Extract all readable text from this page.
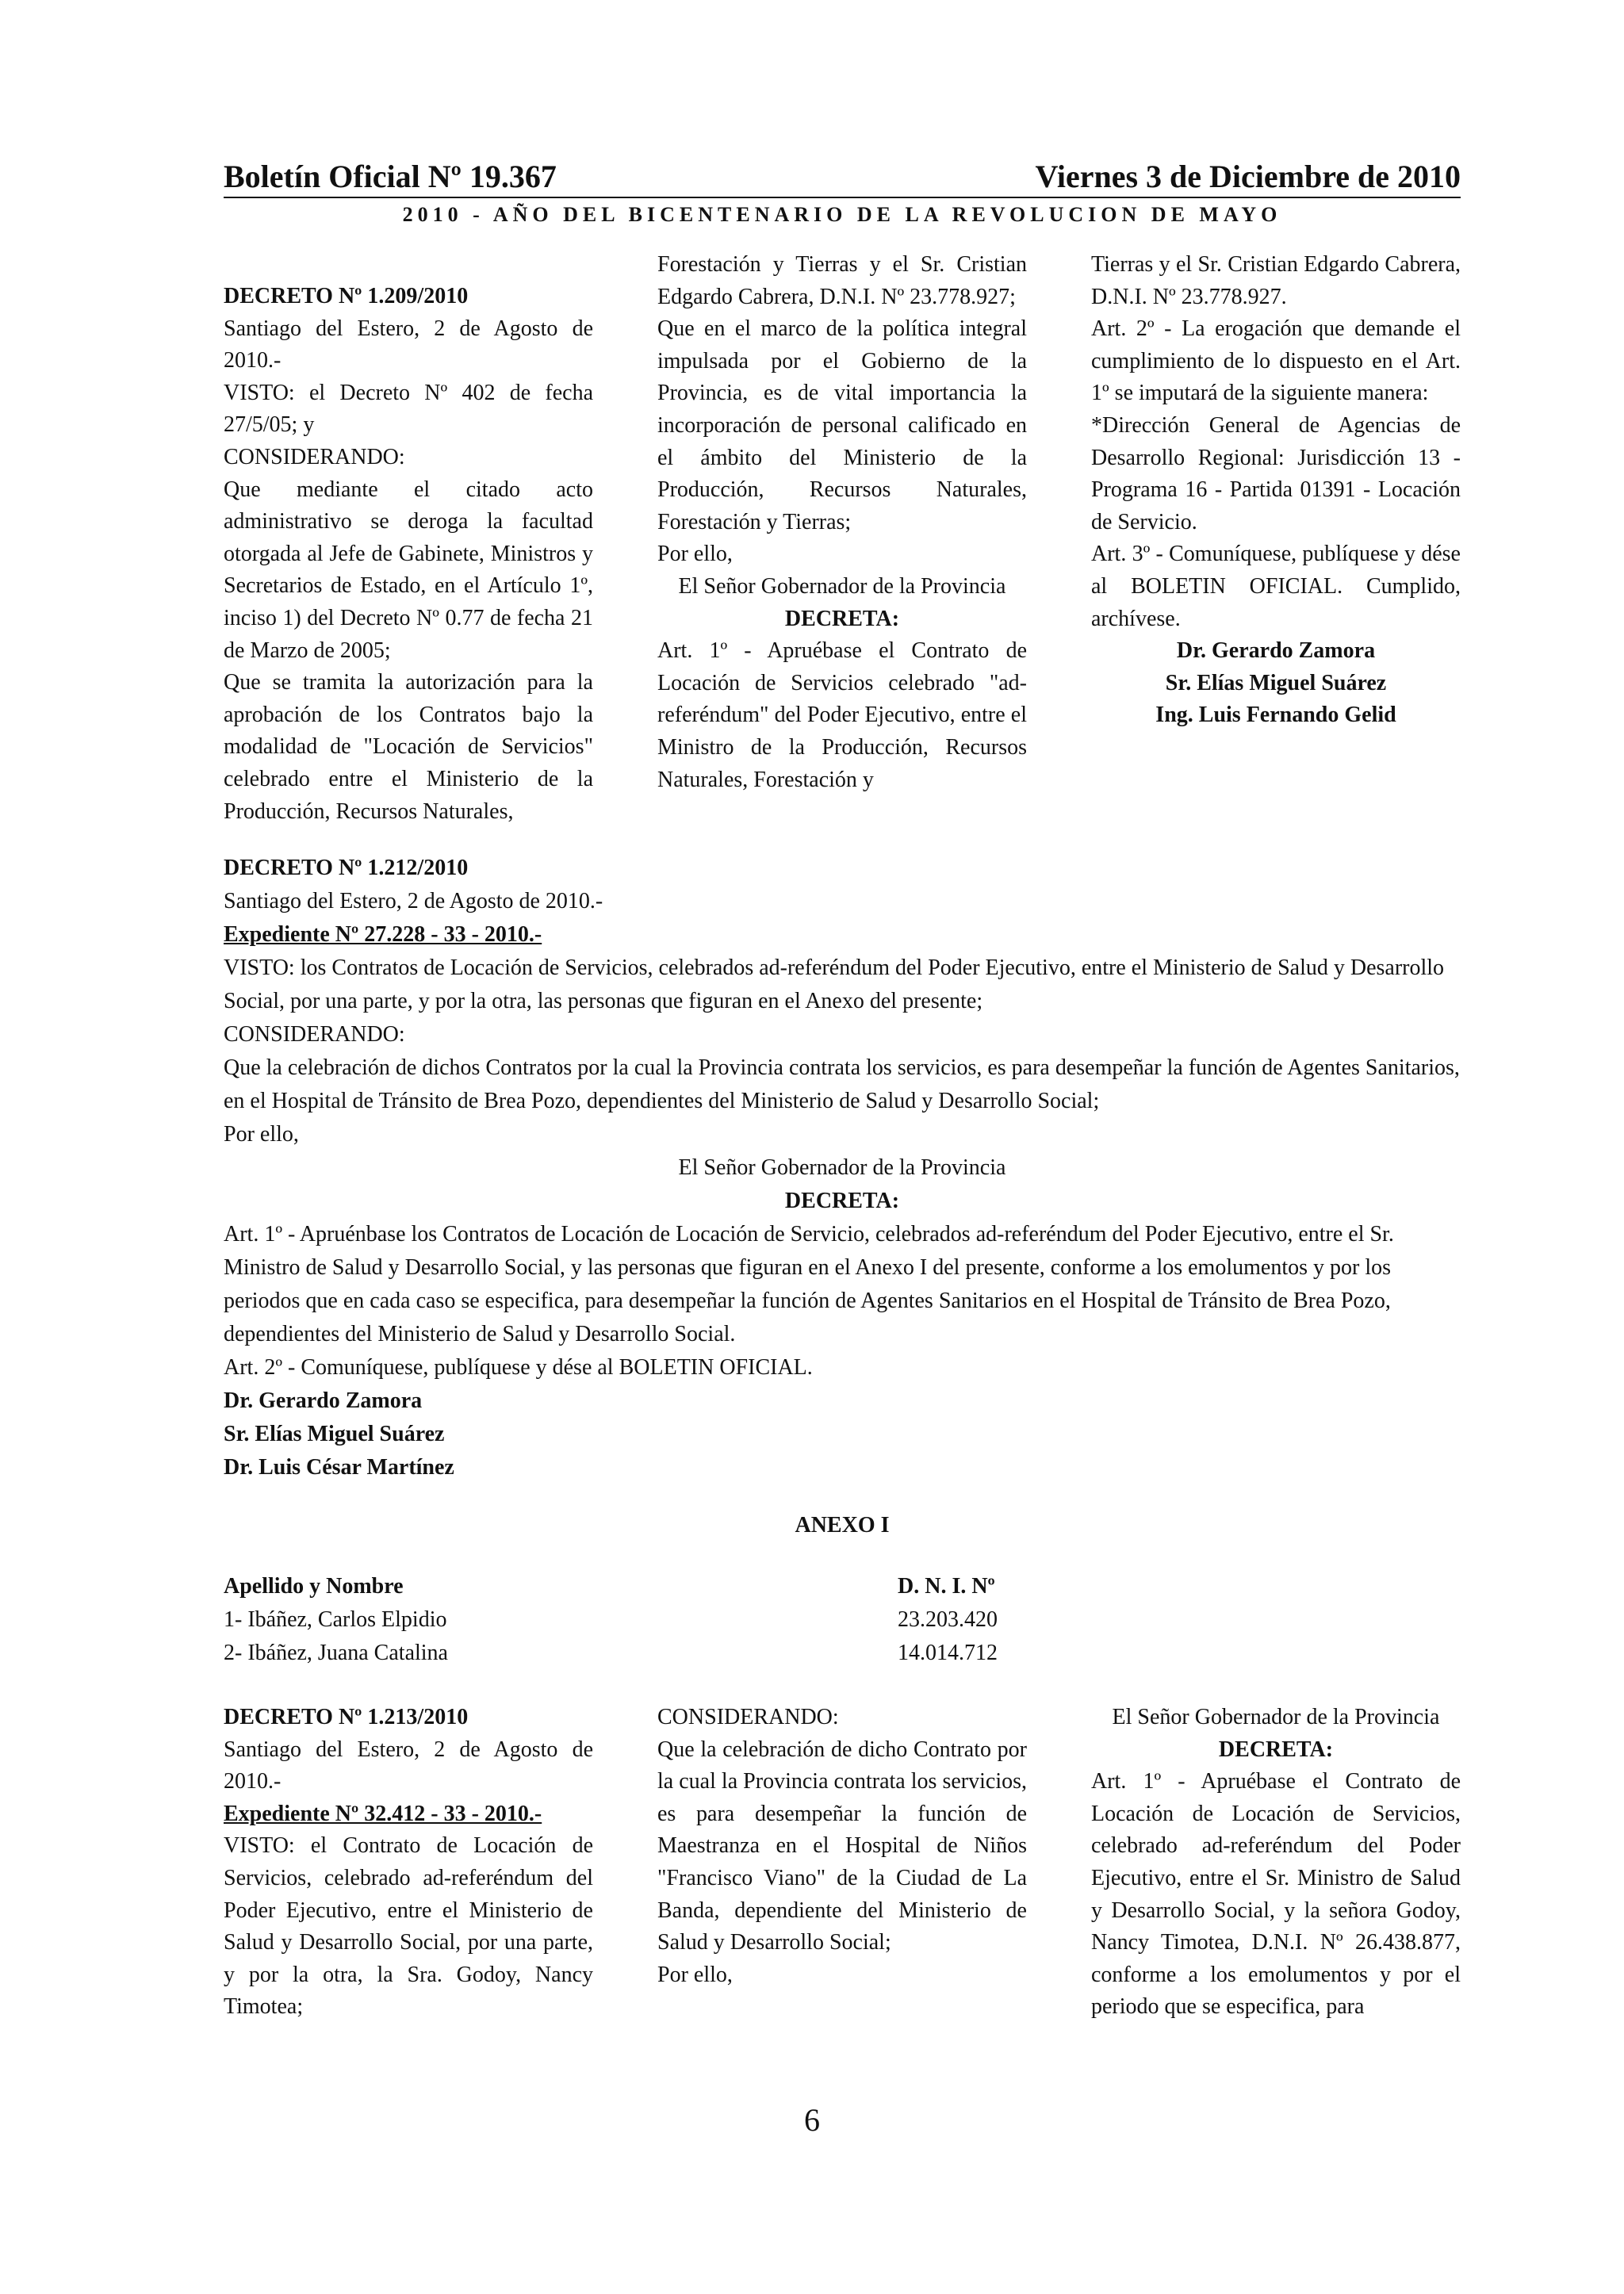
Boletín Oficial Nº 19.367	Viernes 3 de Diciembre de 2010
2010 - AÑO DEL BICENTENARIO DE LA REVOLUCION DE MAYO

DECRETO Nº 1.209/2010

Santiago del Estero, 2 de Agosto de 2010.-

VISTO: el Decreto Nº 402 de fecha 27/5/05; y

CONSIDERANDO:

Que mediante el citado acto administrativo se deroga la facultad otorgada al Jefe de Gabinete, Ministros y Secretarios de Estado, en el Artículo 1º, inciso 1) del Decreto Nº 0.77 de fecha 21 de Marzo de 2005;

Que se tramita la autorización para la aprobación de los Contratos bajo la modalidad de "Locación de Servicios" celebrado entre el Ministerio de la Producción, Recursos Naturales,

Forestación y Tierras y el Sr. Cristian Edgardo Cabrera, D.N.I. Nº 23.778.927;

Que en el marco de la política integral impulsada por el Gobierno de la Provincia, es de vital importancia la incorporación de personal calificado en el ámbito del Ministerio de la Producción, Recursos Naturales, Forestación y Tierras;

Por ello,

El Señor Gobernador de la Provincia

DECRETA:

Art. 1º - Apruébase el Contrato de Locación de Servicios celebrado "ad-referéndum" del Poder Ejecutivo, entre el Ministro de la Producción, Recursos Naturales, Forestación y

Tierras y el Sr. Cristian Edgardo Cabrera, D.N.I. Nº 23.778.927.

Art. 2º - La erogación que demande el cumplimiento de lo dispuesto en el Art. 1º se imputará de la siguiente manera:

*Dirección General de Agencias de Desarrollo Regional: Jurisdicción 13 - Programa 16 - Partida 01391 - Locación de Servicio.

Art. 3º - Comuníquese, publíquese y dése al BOLETIN OFICIAL. Cumplido, archívese.

Dr. Gerardo Zamora

Sr. Elías Miguel Suárez

Ing. Luis Fernando Gelid

DECRETO Nº 1.212/2010

Santiago del Estero, 2 de Agosto de 2010.-

Expediente Nº 27.228 - 33 - 2010.-

VISTO: los Contratos de Locación de Servicios, celebrados ad-referéndum del Poder Ejecutivo, entre el Ministerio de Salud y Desarrollo Social, por una parte, y por la otra, las personas que figuran en el Anexo del presente;

CONSIDERANDO:

Que la celebración de dichos Contratos por la cual la Provincia contrata los servicios, es para desempeñar la función de Agentes Sanitarios, en el Hospital de Tránsito de Brea Pozo, dependientes del Ministerio de Salud y Desarrollo Social;

Por ello,

El Señor Gobernador de la Provincia

DECRETA:

Art. 1º - Apruénbase los Contratos de Locación de Locación de Servicio, celebrados ad-referéndum del Poder Ejecutivo, entre el Sr. Ministro de Salud y Desarrollo Social, y las personas que figuran en el Anexo I del presente, conforme a los emolumentos y por los periodos que en cada caso se especifica, para desempeñar la función de Agentes Sanitarios en el Hospital de Tránsito de Brea Pozo, dependientes del Ministerio de Salud y Desarrollo Social.

Art. 2º - Comuníquese, publíquese y dése al BOLETIN OFICIAL.

Dr. Gerardo Zamora

Sr. Elías Miguel Suárez

Dr. Luis César Martínez

ANEXO I

Apellido y Nombre	D. N. I. Nº
1- Ibáñez, Carlos Elpidio	23.203.420
2- Ibáñez, Juana Catalina	14.014.712

DECRETO Nº 1.213/2010

Santiago del Estero, 2 de Agosto de 2010.-

Expediente Nº 32.412 - 33 - 2010.-

VISTO: el Contrato de Locación de Servicios, celebrado ad-referéndum del Poder Ejecutivo, entre el Ministerio de Salud y Desarrollo Social, por una parte, y por la otra, la Sra. Godoy, Nancy Timotea;

CONSIDERANDO:

Que la celebración de dicho Contrato por la cual la Provincia contrata los servicios, es para desempeñar la función de Maestranza en el Hospital de Niños "Francisco Viano" de la Ciudad de La Banda, dependiente del Ministerio de Salud y Desarrollo Social;

Por ello,

El Señor Gobernador de la Provincia

DECRETA:

Art. 1º - Apruébase el Contrato de Locación de Locación de Servicios, celebrado ad-referéndum del Poder Ejecutivo, entre el Sr. Ministro de Salud y Desarrollo Social, y la señora Godoy, Nancy Timotea, D.N.I. Nº 26.438.877, conforme a los emolumentos y por el periodo que se especifica, para

6
